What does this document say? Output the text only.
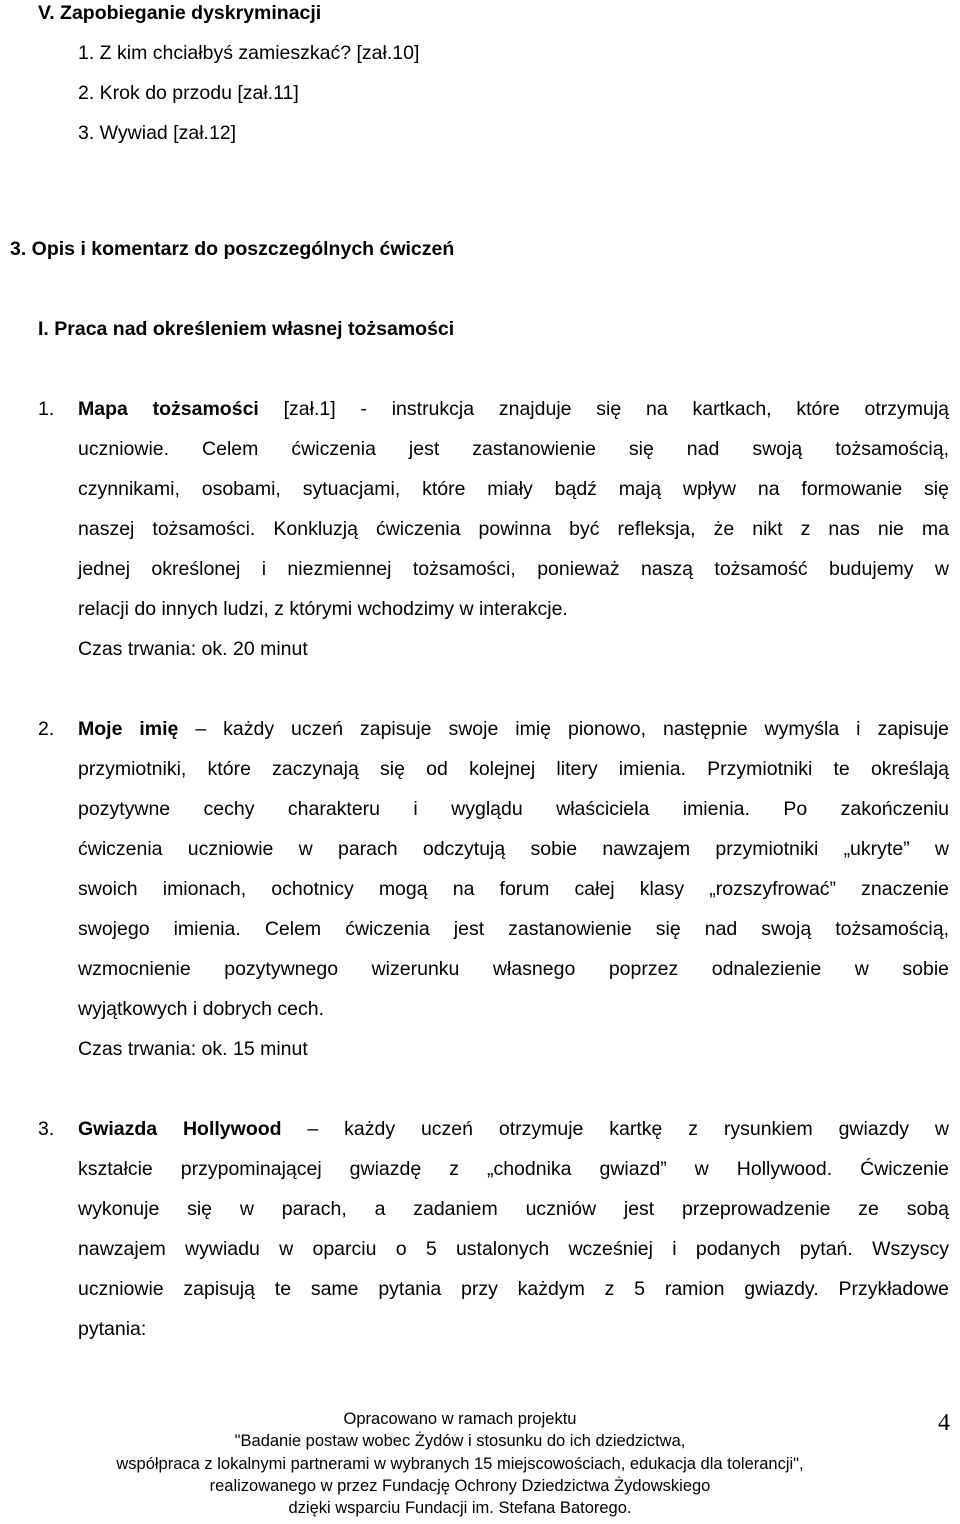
V. Zapobieganie dyskryminacji
1. Z kim chciałbyś zamieszkać? [zał.10]
2. Krok do przodu [zał.11]
3. Wywiad [zał.12]
3. Opis i komentarz do poszczególnych ćwiczeń
I. Praca nad określeniem własnej tożsamości
1. Mapa tożsamości [zał.1] - instrukcja znajduje się na kartkach, które otrzymują
uczniowie. Celem ćwiczenia jest zastanowienie się nad swoją tożsamością,
czynnikami, osobami, sytuacjami, które miały bądź mają wpływ na formowanie się
naszej tożsamości. Konkluzją ćwiczenia powinna być refleksja, że nikt z nas nie ma
jednej określonej i niezmiennej tożsamości, ponieważ naszą tożsamość budujemy w
relacji do innych ludzi, z którymi wchodzimy w interakcje.
Czas trwania: ok. 20 minut
2. Moje imię – każdy uczeń zapisuje swoje imię pionowo, następnie wymyśla i zapisuje
przymiotniki, które zaczynają się od kolejnej litery imienia. Przymiotniki te określają
pozytywne cechy charakteru i wyglądu właściciela imienia. Po zakończeniu
ćwiczenia uczniowie w parach odczytują sobie nawzajem przymiotniki „ukryte” w
swoich imionach, ochotnicy mogą na forum całej klasy „rozszyfrować” znaczenie
swojego imienia. Celem ćwiczenia jest zastanowienie się nad swoją tożsamością,
wzmocnienie pozytywnego wizerunku własnego poprzez odnalezienie w sobie
wyjątkowych i dobrych cech.
Czas trwania: ok. 15 minut
3. Gwiazda Hollywood – każdy uczeń otrzymuje kartkę z rysunkiem gwiazdy w
kształcie przypominającej gwiazdę z „chodnika gwiazd” w Hollywood. Ćwiczenie
wykonuje się w parach, a zadaniem uczniów jest przeprowadzenie ze sobą
nawzajem wywiadu w oparciu o 5 ustalonych wcześniej i podanych pytań. Wszyscy
uczniowie zapisują te same pytania przy każdym z 5 ramion gwiazdy. Przykładowe
pytania:
Opracowano w ramach projektu
"Badanie postaw wobec Żydów i stosunku do ich dziedzictwa,
współpraca z lokalnymi partnerami w wybranych 15 miejscowościach, edukacja dla tolerancji",
realizowanego w przez Fundację Ochrony Dziedzictwa Żydowskiego
dzięki wsparciu Fundacji im. Stefana Batorego.
4
